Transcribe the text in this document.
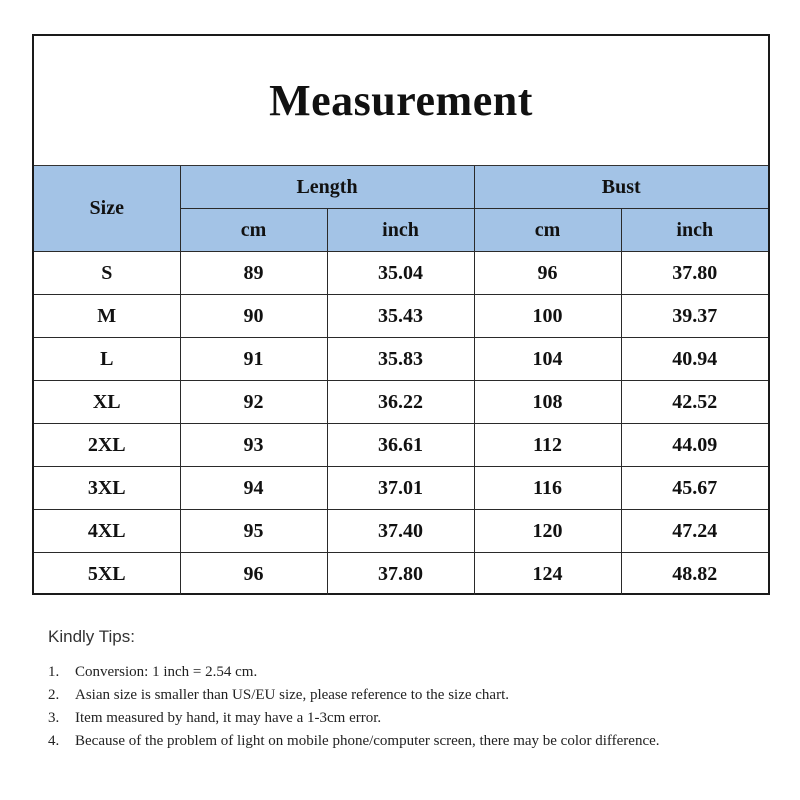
Measurement
Size	Length		Bust	
	cm	inch	cm	inch
S	89	35.04	96	37.80
M	90	35.43	100	39.37
L	91	35.83	104	40.94
XL	92	36.22	108	42.52
2XL	93	36.61	112	44.09
3XL	94	37.01	116	45.67
4XL	95	37.40	120	47.24
5XL	96	37.80	124	48.82
Kindly Tips:
1.	Conversion: 1 inch = 2.54 cm.
2.	Asian size is smaller than US/EU size, please reference to the size chart.
3.	Item measured by hand, it may have a 1-3cm error.
4.	Because of the problem of light on mobile phone/computer screen, there may be color difference.
